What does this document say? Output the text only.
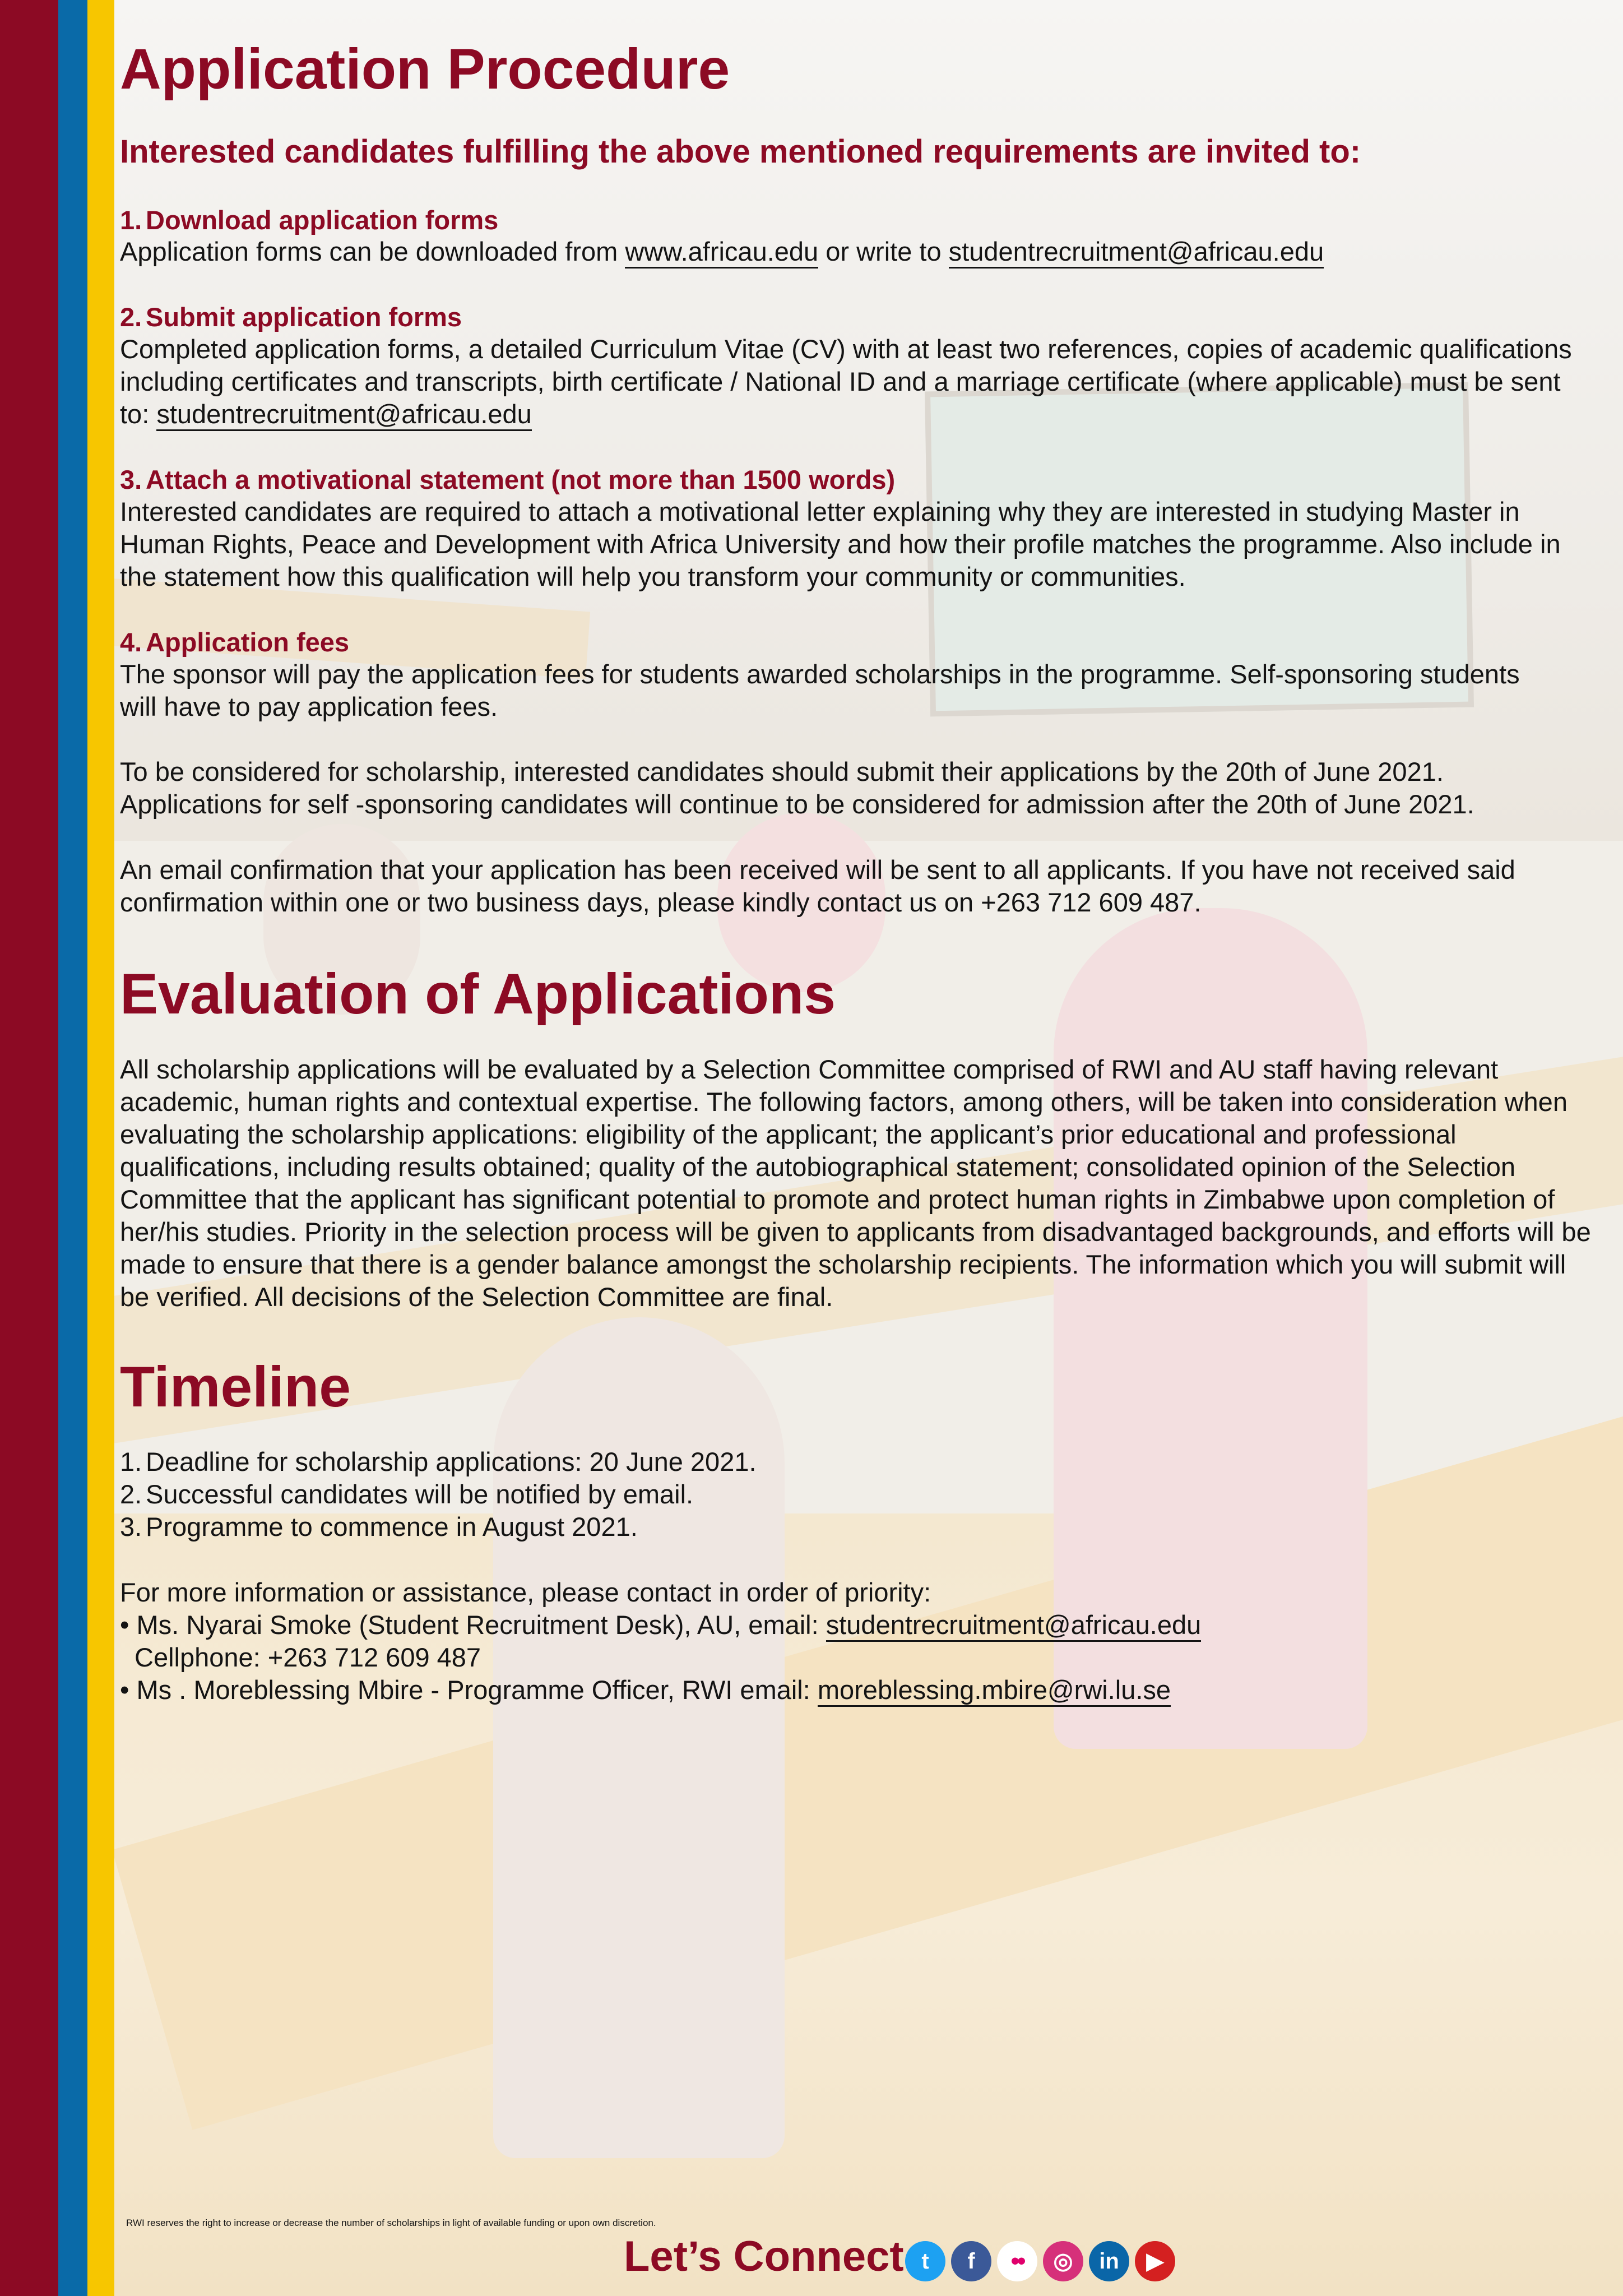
Application Procedure
Interested candidates fulfilling the above mentioned requirements are invited to:
1. Download application forms

Application forms can be downloaded from www.africau.edu or write to studentrecruitment@africau.edu

2. Submit application forms

Completed application forms, a detailed Curriculum Vitae (CV) with at least two references, copies of academic qualifications including certificates and transcripts, birth certificate / National ID and a marriage certificate (where applicable) must be sent to: studentrecruitment@africau.edu

3. Attach a motivational statement (not more than 1500 words)

Interested candidates are required to attach a motivational letter explaining why they are interested in studying Master in Human Rights, Peace and Development with Africa University and how their profile matches the programme. Also include in the statement how this qualification will help you transform your community or communities.

4. Application fees

The sponsor will pay the application fees for students awarded scholarships in the programme. Self-sponsoring students will have to pay application fees.

To be considered for scholarship, interested candidates should submit their applications by the 20th of June 2021. Applications for self -sponsoring candidates will continue to be considered for admission after the 20th of June 2021.

An email confirmation that your application has been received will be sent to all applicants. If you have not received said confirmation within one or two business days, please kindly contact us on +263 712 609 487.

Evaluation of Applications

All scholarship applications will be evaluated by a Selection Committee comprised of RWI and AU staff having relevant academic, human rights and contextual expertise. The following factors, among others, will be taken into consideration when evaluating the scholarship applications: eligibility of the applicant; the applicant’s prior educational and professional qualifications, including results obtained; quality of the autobiographical statement; consolidated opinion of the Selection Committee that the applicant has significant potential to promote and protect human rights in Zimbabwe upon completion of her/his studies. Priority in the selection process will be given to applicants from disadvantaged backgrounds, and efforts will be made to ensure that there is a gender balance amongst the scholarship recipients. The information which you will submit will be verified. All decisions of the Selection Committee are final.

Timeline

1. Deadline for scholarship applications: 20 June 2021.

2. Successful candidates will be notified by email.

3. Programme to commence in August 2021.

For more information or assistance, please contact in order of priority:

• Ms. Nyarai Smoke (Student Recruitment Desk), AU, email: studentrecruitment@africau.edu

Cellphone: +263 712 609 487

• Ms . Moreblessing Mbire - Programme Officer, RWI email: moreblessing.mbire@rwi.lu.se

RWI reserves the right to increase or decrease the number of scholarships in light of available funding or upon own discretion.
Let’s Connect t	f	••	◎	in	▶
